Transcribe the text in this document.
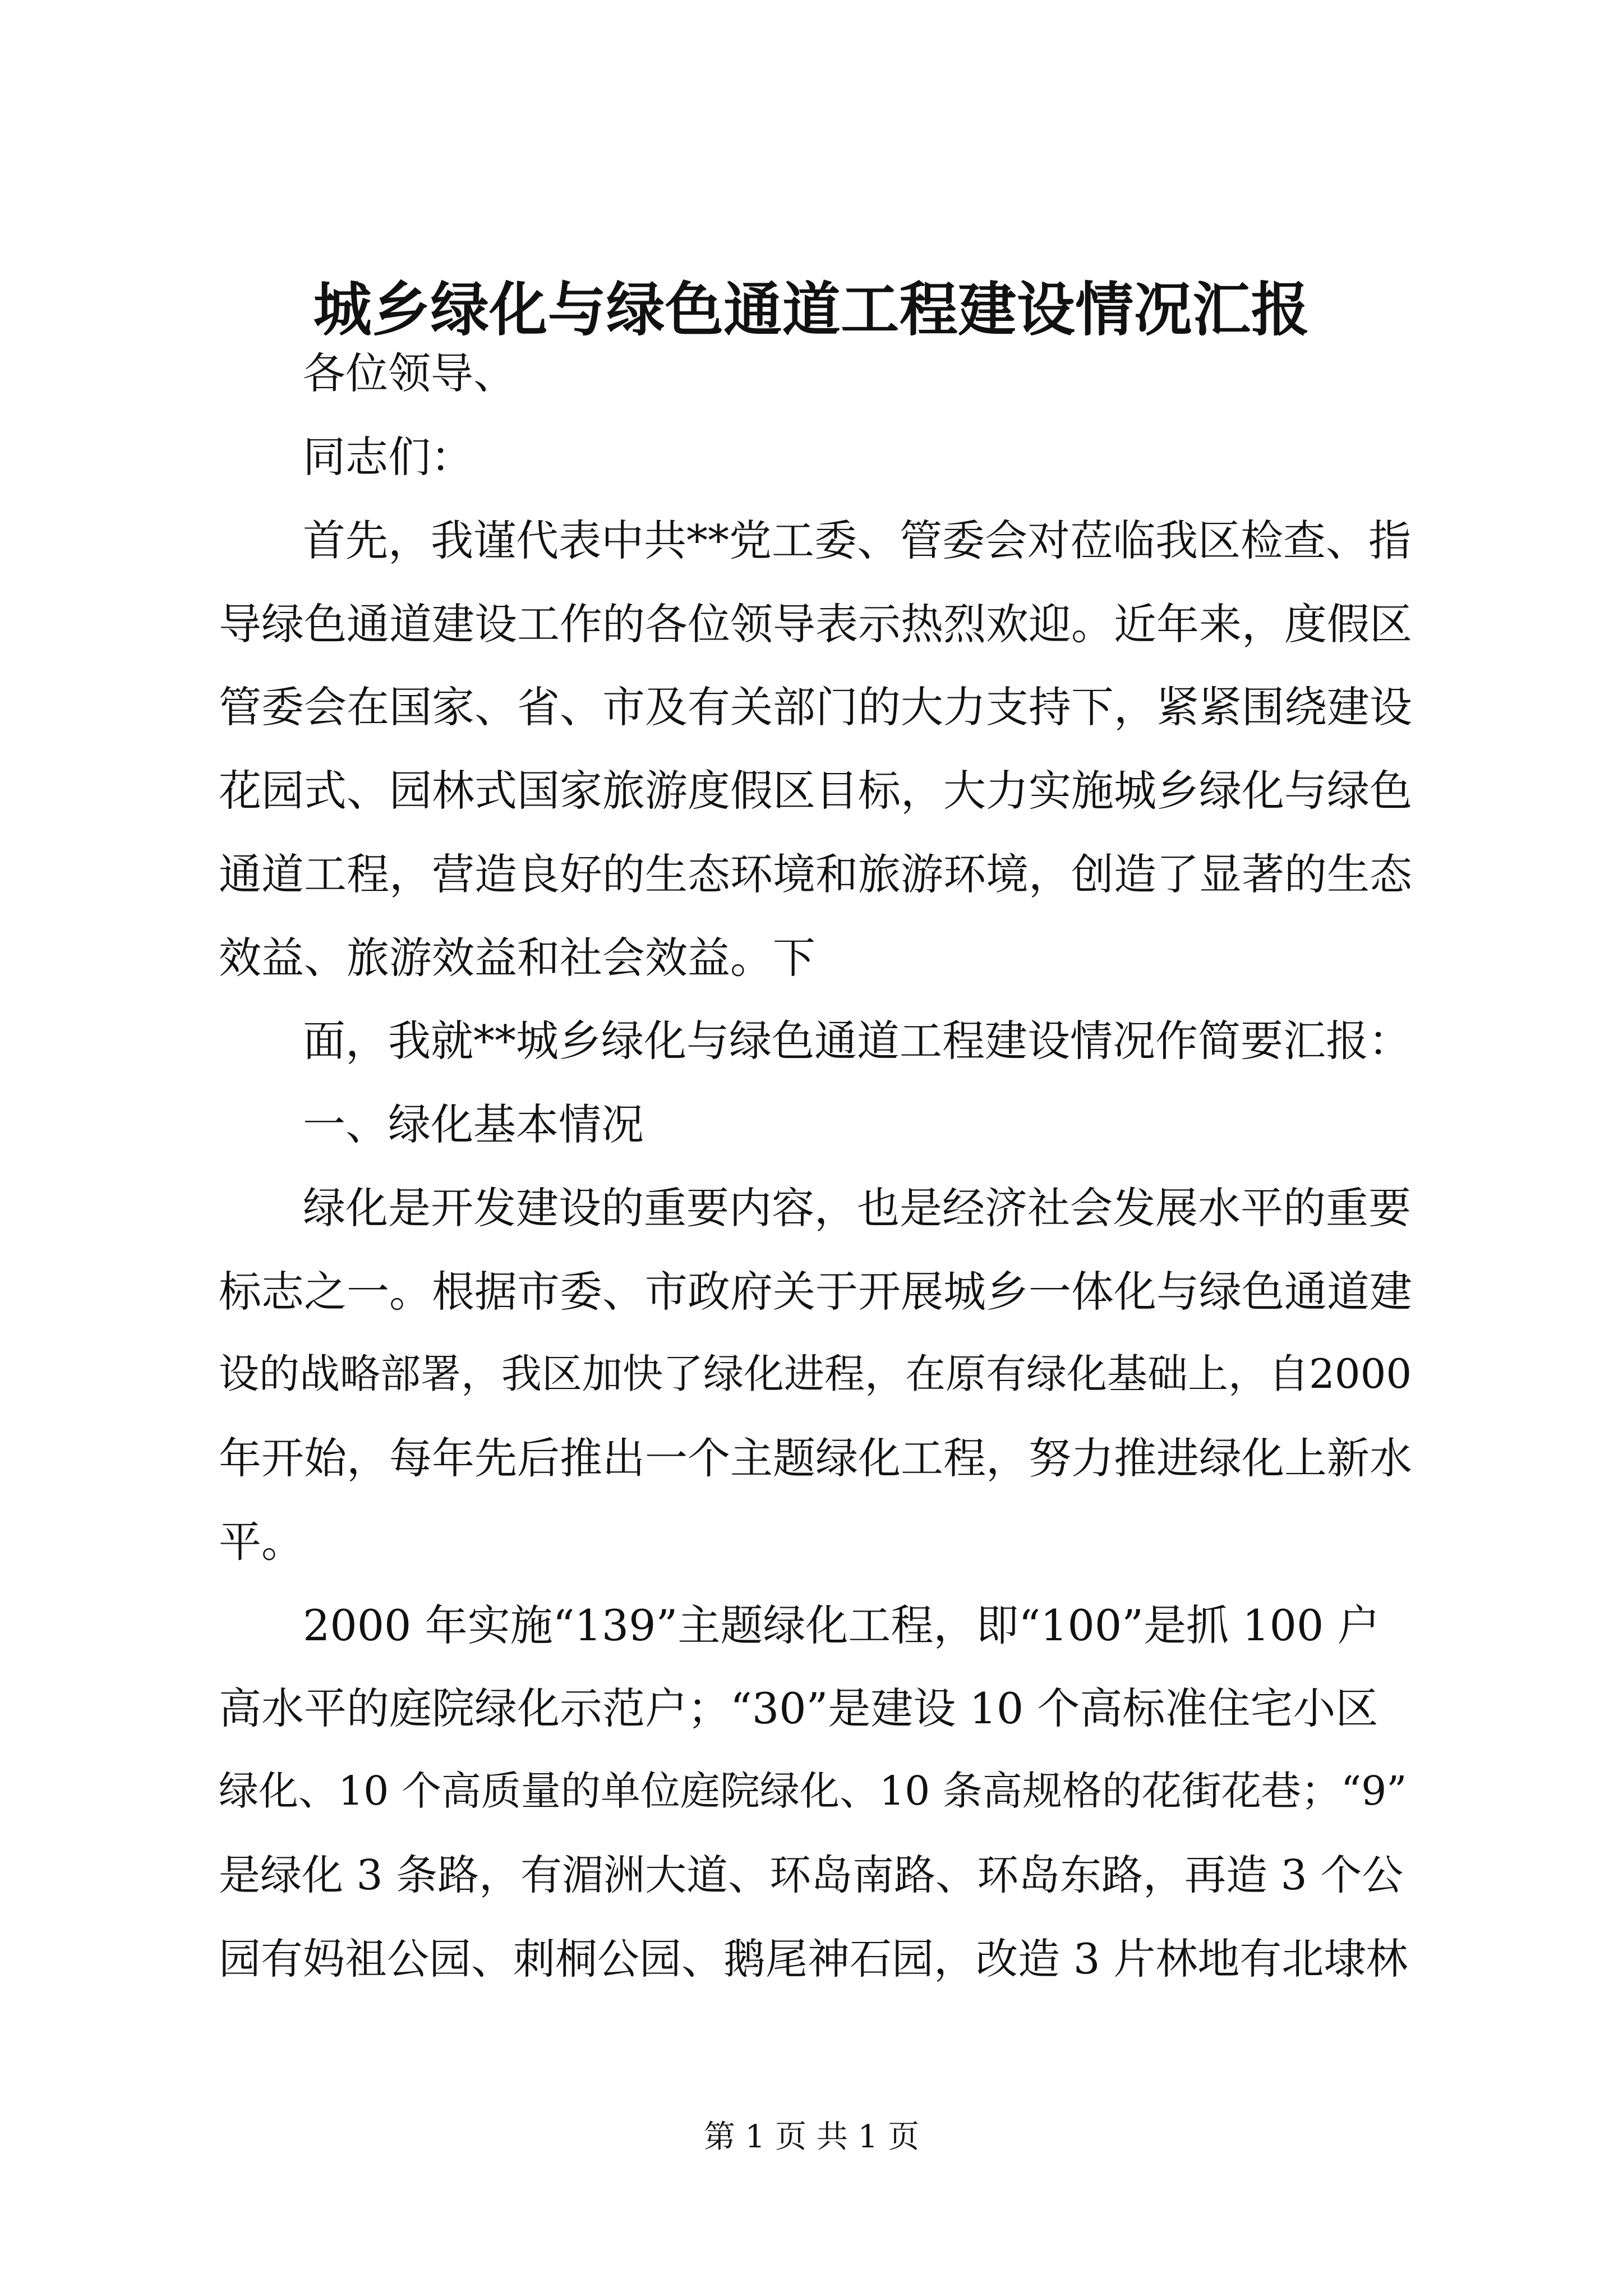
城乡绿化与绿色通道工程建设情况汇报
各位领导、
同志们：
首先，我谨代表中共**党工委、管委会对莅临我区检查、指
导绿色通道建设工作的各位领导表示热烈欢迎。近年来，度假区
管委会在国家、省、市及有关部门的大力支持下，紧紧围绕建设
花园式、园林式国家旅游度假区目标，大力实施城乡绿化与绿色
通道工程，营造良好的生态环境和旅游环境，创造了显著的生态
效益、旅游效益和社会效益。下
面，我就**城乡绿化与绿色通道工程建设情况作简要汇报：
一、绿化基本情况
绿化是开发建设的重要内容，也是经济社会发展水平的重要
标志之一。根据市委、市政府关于开展城乡一体化与绿色通道建
设的战略部署，我区加快了绿化进程，在原有绿化基础上，自2000
年开始，每年先后推出一个主题绿化工程，努力推进绿化上新水
平。
2000 年实施“139”主题绿化工程，即“100”是抓 100 户
高水平的庭院绿化示范户；“30”是建设 10 个高标准住宅小区
绿化、10 个高质量的单位庭院绿化、10 条高规格的花街花巷；“9”
是绿化 3 条路，有湄洲大道、环岛南路、环岛东路，再造 3 个公
园有妈祖公园、刺桐公园、鹅尾神石园，改造 3 片林地有北埭林
第 1 页 共 1 页
